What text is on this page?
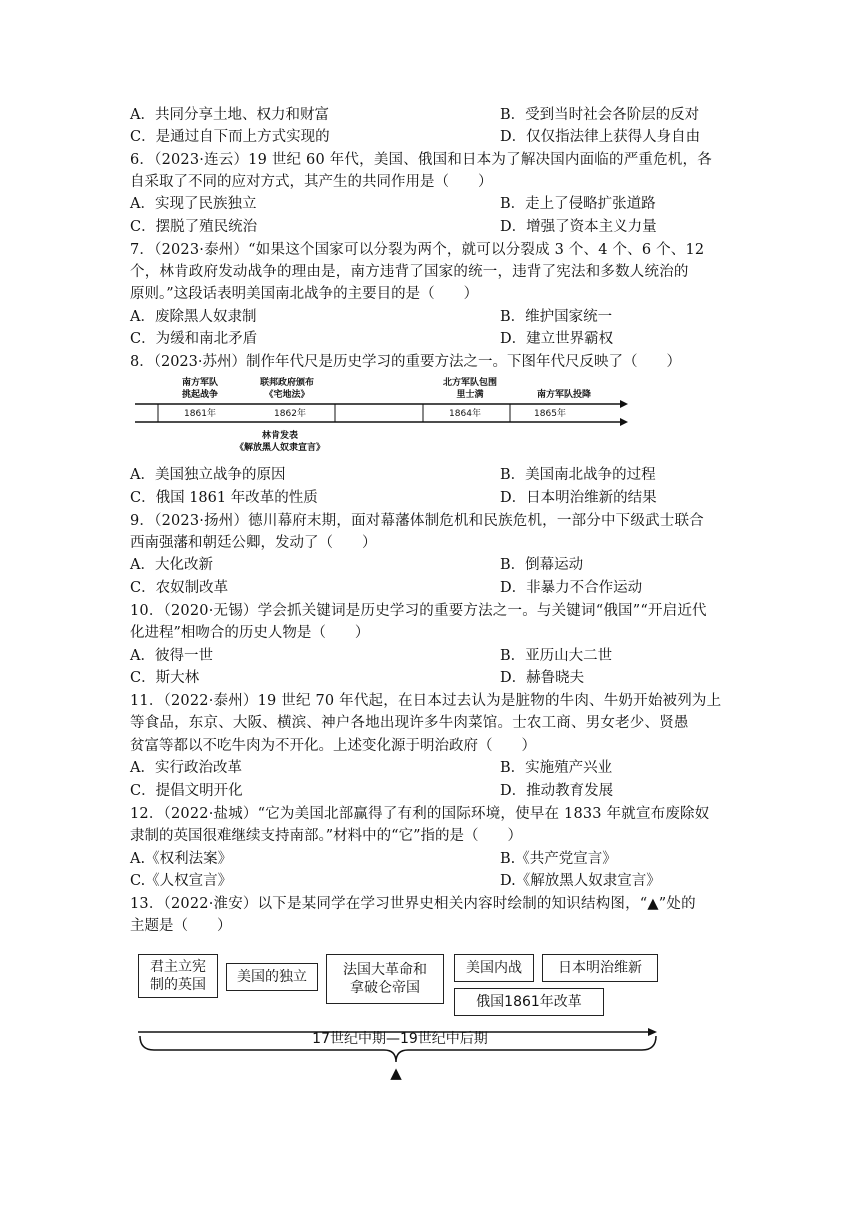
A．共同分享土地、权力和财富	B．受到当时社会各阶层的反对
C．是通过自下而上方式实现的	D．仅仅指法律上获得人身自由
6．（2023·连云）19 世纪 60 年代，美国、俄国和日本为了解决国内面临的严重危机，各
自采取了不同的应对方式，其产生的共同作用是（　　）
A．实现了民族独立	B．走上了侵略扩张道路
C．摆脱了殖民统治	D．增强了资本主义力量
7．（2023·泰州）“如果这个国家可以分裂为两个，就可以分裂成 3 个、4 个、6 个、12
个，林肯政府发动战争的理由是，南方违背了国家的统一，违背了宪法和多数人统治的
原则。”这段话表明美国南北战争的主要目的是（　　）
A．废除黑人奴隶制	B．维护国家统一
C．为缓和南北矛盾	D．建立世界霸权
8．（2023·苏州）制作年代尺是历史学习的重要方法之一。下图年代尺反映了（　　）
南方军队
挑起战争
联邦政府颁布
《宅地法》
北方军队包围
里士满	南方军队投降
1861年	1862年	1864年	1865年
林肯发表
《解放黑人奴隶宣言》
A．美国独立战争的原因	B．美国南北战争的过程
C．俄国 1861 年改革的性质	D．日本明治维新的结果
9．（2023·扬州）德川幕府末期，面对幕藩体制危机和民族危机，一部分中下级武士联合
西南强藩和朝廷公卿，发动了（　　）
A．大化改新	B．倒幕运动
C．农奴制改革	D．非暴力不合作运动
10．（2020·无锡）学会抓关键词是历史学习的重要方法之一。与关键词“俄国”“开启近代
化进程”相吻合的历史人物是（　　）
A．彼得一世	B．亚历山大二世
C．斯大林	D．赫鲁晓夫
11．（2022·泰州）19 世纪 70 年代起，在日本过去认为是脏物的牛肉、牛奶开始被列为上
等食品，东京、大阪、横滨、神户各地出现许多牛肉菜馆。士农工商、男女老少、贤愚
贫富等都以不吃牛肉为不开化。上述变化源于明治政府（　　）
A．实行政治改革	B．实施殖产兴业
C．提倡文明开化	D．推动教育发展
12．（2022·盐城）“它为美国北部赢得了有利的国际环境，使早在 1833 年就宣布废除奴
隶制的英国很难继续支持南部。”材料中的“它”指的是（　　）
A.《权利法案》	B.《共产党宣言》
C.《人权宣言》	D.《解放黑人奴隶宣言》
13．（2022·淮安）以下是某同学在学习世界史相关内容时绘制的知识结构图，“▲”处的
主题是（　　）
君主立宪
制的英国	美国的独立	法国大革命和
拿破仑帝国
美国内战	日本明治维新
俄国1861年改革
17世纪中期—19世纪中后期
▲
